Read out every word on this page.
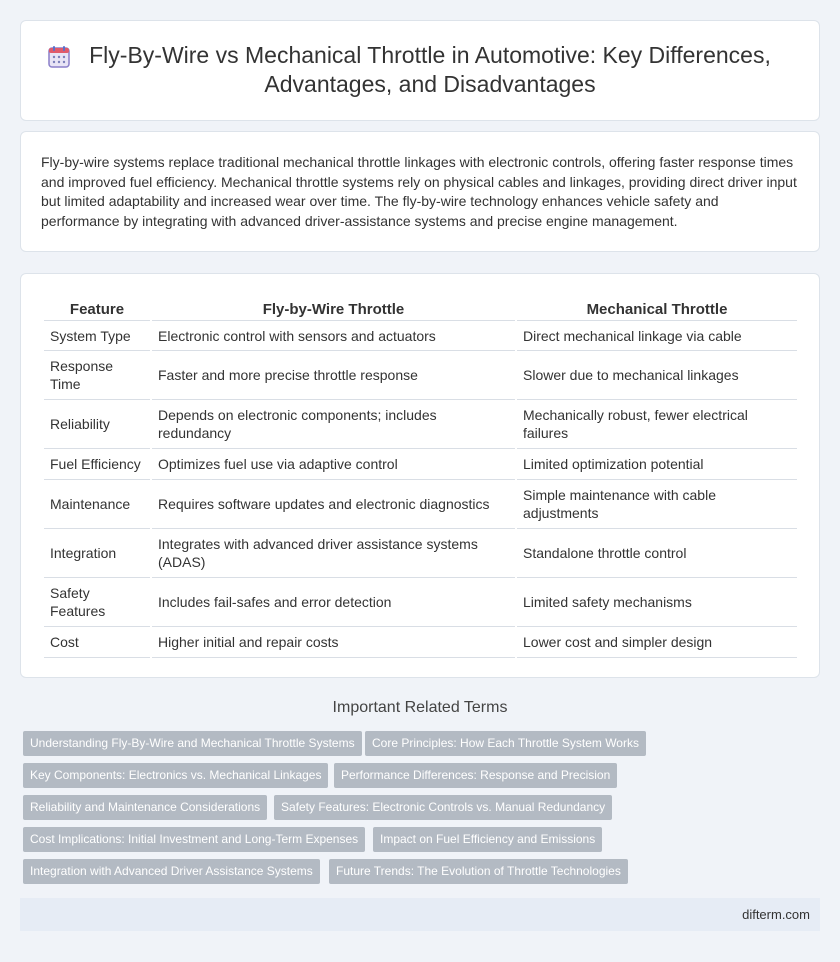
Fly-By-Wire vs Mechanical Throttle in Automotive: Key Differences, Advantages, and Disadvantages

Fly-by-wire systems replace traditional mechanical throttle linkages with electronic controls, offering faster response times and improved fuel efficiency. Mechanical throttle systems rely on physical cables and linkages, providing direct driver input but limited adaptability and increased wear over time. The fly-by-wire technology enhances vehicle safety and performance by integrating with advanced driver-assistance systems and precise engine management.

Feature	Fly-by-Wire Throttle	Mechanical Throttle
System Type	Electronic control with sensors and actuators	Direct mechanical linkage via cable
Response Time	Faster and more precise throttle response	Slower due to mechanical linkages
Reliability	Depends on electronic components; includes redundancy	Mechanically robust, fewer electrical failures
Fuel Efficiency	Optimizes fuel use via adaptive control	Limited optimization potential
Maintenance	Requires software updates and electronic diagnostics	Simple maintenance with cable adjustments
Integration	Integrates with advanced driver assistance systems (ADAS)	Standalone throttle control
Safety Features	Includes fail-safes and error detection	Limited safety mechanisms
Cost	Higher initial and repair costs	Lower cost and simpler design
Important Related Terms
Understanding Fly-By-Wire and Mechanical Throttle Systems	Core Principles: How Each Throttle System Works
Key Components: Electronics vs. Mechanical Linkages	Performance Differences: Response and Precision
Reliability and Maintenance Considerations	Safety Features: Electronic Controls vs. Manual Redundancy
Cost Implications: Initial Investment and Long-Term Expenses	Impact on Fuel Efficiency and Emissions
Integration with Advanced Driver Assistance Systems	Future Trends: The Evolution of Throttle Technologies
difterm.com
